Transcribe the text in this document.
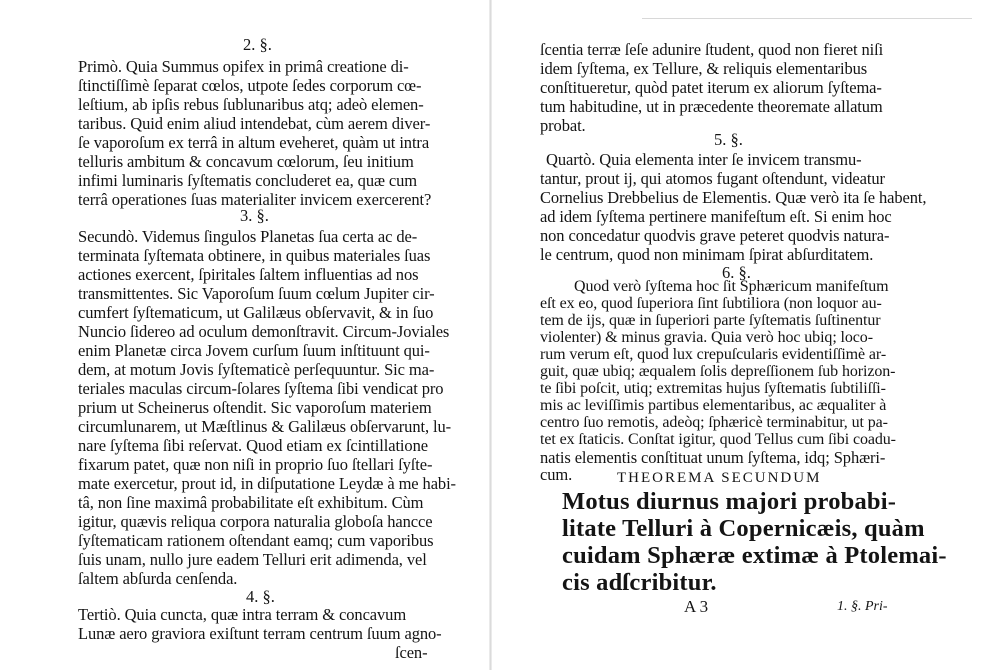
2. §.
Primò. Quia Summus opifex in primâ creatione di-
ſtinctiſſimè ſeparat cœlos, utpote ſedes corporum cœ-
leſtium, ab ipſis rebus ſublunaribus atq; adeò elemen-
taribus. Quid enim aliud intendebat, cùm aerem diver-
ſe vaporoſum ex terrâ in altum eveheret, quàm ut intra
telluris ambitum & concavum cœlorum, ſeu initium
infimi luminaris ſyſtematis concluderet ea, quæ cum
terrâ operationes ſuas materialiter invicem exercerent?
3. §.
Secundò. Videmus ſingulos Planetas ſua certa ac de-
terminata ſyſtemata obtinere, in quibus materiales ſuas
actiones exercent, ſpiritales ſaltem influentias ad nos
transmittentes. Sic Vaporoſum ſuum cœlum Jupiter cir-
cumfert ſyſtematicum, ut Galilæus obſervavit, & in ſuo
Nuncio ſidereo ad oculum demonſtravit. Circum-Joviales
enim Planetæ circa Jovem curſum ſuum inſtituunt qui-
dem, at motum Jovis ſyſtematicè perſequuntur. Sic ma-
teriales maculas circum-ſolares ſyſtema ſibi vendicat pro
prium ut Scheinerus oſtendit. Sic vaporoſum materiem
circumlunarem, ut Mæſtlinus & Galilæus obſervarunt, lu-
nare ſyſtema ſibi reſervat. Quod etiam ex ſcintillatione
fixarum patet, quæ non niſi in proprio ſuo ſtellari ſyſte-
mate exercetur, prout id, in diſputatione Leydæ à me habi-
tâ, non ſine maximâ probabilitate eſt exhibitum. Cùm
igitur, quævis reliqua corpora naturalia globoſa hancce
ſyſtematicam rationem oſtendant eamq; cum vaporibus
ſuis unam, nullo jure eadem Telluri erit adimenda, vel
ſaltem abſurda cenſenda.
4. §.
Tertiò. Quia cuncta, quæ intra terram & concavum
Lunæ aero graviora exiſtunt terram centrum ſuum agno-
ſcen-
ſcentia terræ ſeſe adunire ſtudent, quod non fieret niſi
idem ſyſtema, ex Tellure, & reliquis elementaribus
conſtitueretur, quòd patet iterum ex aliorum ſyſtema-
tum habitudine, ut in præcedente theoremate allatum
probat.
5. §.
Quartò. Quia elementa inter ſe invicem transmu-
tantur, prout ij, qui atomos fugant oſtendunt, videatur
Cornelius Drebbelius de Elementis. Quæ verò ita ſe habent,
ad idem ſyſtema pertinere manifeſtum eſt. Si enim hoc
non concedatur quodvis grave peteret quodvis natura-
le centrum, quod non minimam ſpirat abſurditatem.
6. §.
Quod verò ſyſtema hoc ſit Sphæricum manifeſtum
eſt ex eo, quod ſuperiora ſint ſubtiliora (non loquor au-
tem de ijs, quæ in ſuperiori parte ſyſtematis ſuſtinentur
violenter) & minus gravia. Quia verò hoc ubiq; loco-
rum verum eſt, quod lux crepuſcularis evidentiſſimè ar-
guit, quæ ubiq; æqualem ſolis depreſſionem ſub horizon-
te ſibi poſcit, utiq; extremitas hujus ſyſtematis ſubtiliſſi-
mis ac leviſſimis partibus elementaribus, ac æqualiter à
centro ſuo remotis, adeòq; ſphæricè terminabitur, ut pa-
tet ex ſtaticis. Conſtat igitur, quod Tellus cum ſibi coadu-
THEOREMA SECUNDUM
Motus diurnus majori probabi-
litate Telluri à Copernicæis, quàm
cuidam Sphæræ extimæ à Ptolemai-
cis adſcribitur.
A 3	1. §. Pri-
natis elementis conſtituat unum ſyſtema, idq; Sphæri-
cum.
